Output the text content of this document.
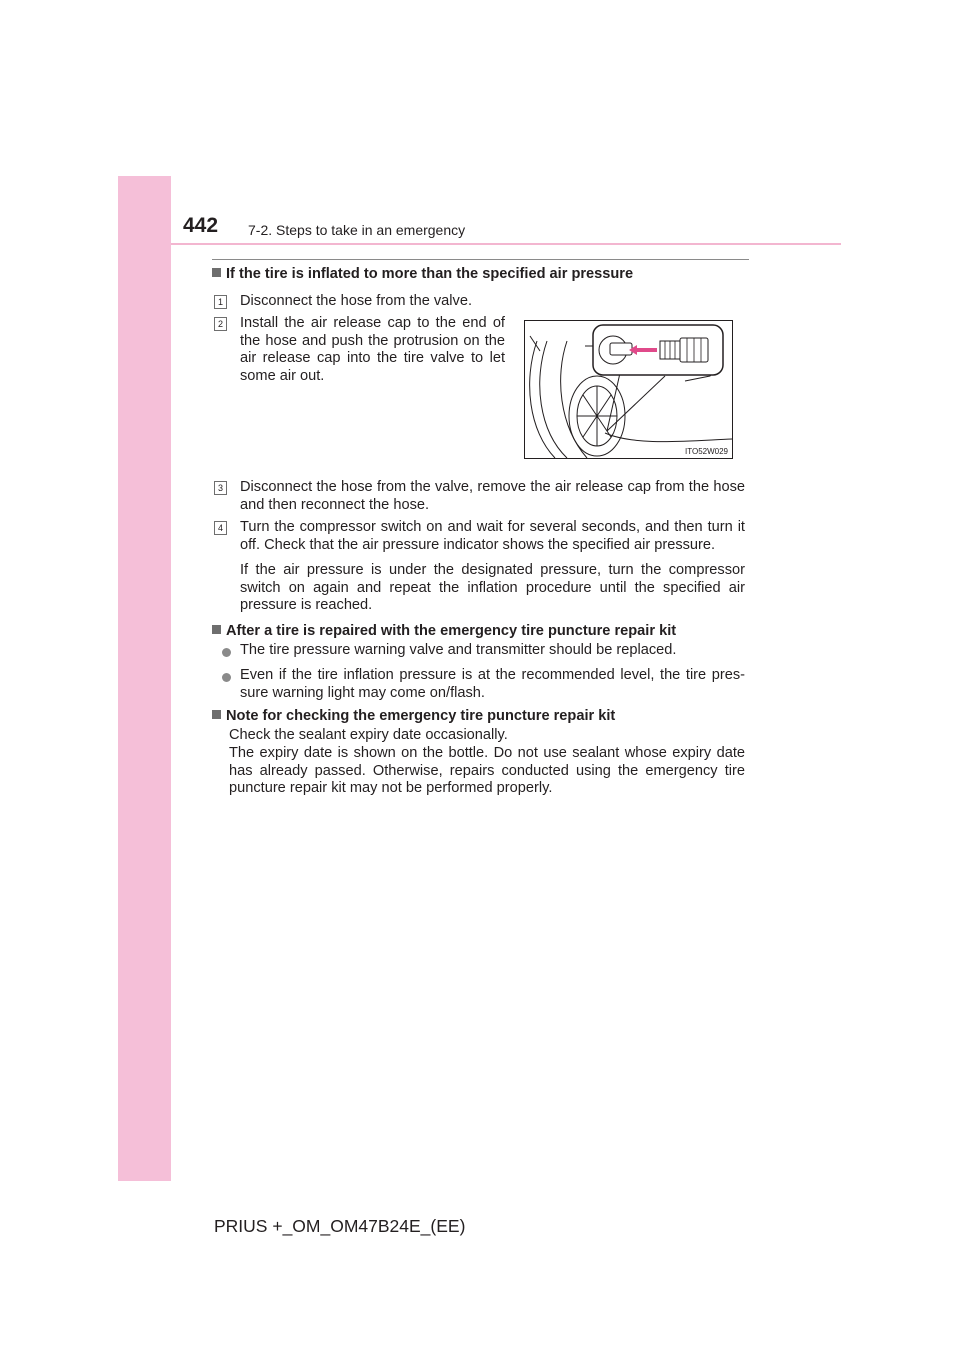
442 7-2. Steps to take in an emergency
If the tire is inflated to more than the specified air pressure
1 Disconnect the hose from the valve.
2 Install the air release cap to the end of the hose and push the protrusion on the air release cap into the tire valve to let some air out.
ITO52W029
3 Disconnect the hose from the valve, remove the air release cap from the hose and then reconnect the hose.
4 Turn the compressor switch on and wait for several seconds, and then turn it off. Check that the air pressure indicator shows the specified air pressure.
If the air pressure is under the designated pressure, turn the compressor switch on again and repeat the inflation procedure until the specified air pressure is reached.
After a tire is repaired with the emergency tire puncture repair kit
The tire pressure warning valve and transmitter should be replaced.
Even if the tire inflation pressure is at the recommended level, the tire pres- sure warning light may come on/flash.
Note for checking the emergency tire puncture repair kit
Check the sealant expiry date occasionally.
The expiry date is shown on the bottle. Do not use sealant whose expiry date has already passed. Otherwise, repairs conducted using the emergency tire puncture repair kit may not be performed properly.
PRIUS +_OM_OM47B24E_(EE)
